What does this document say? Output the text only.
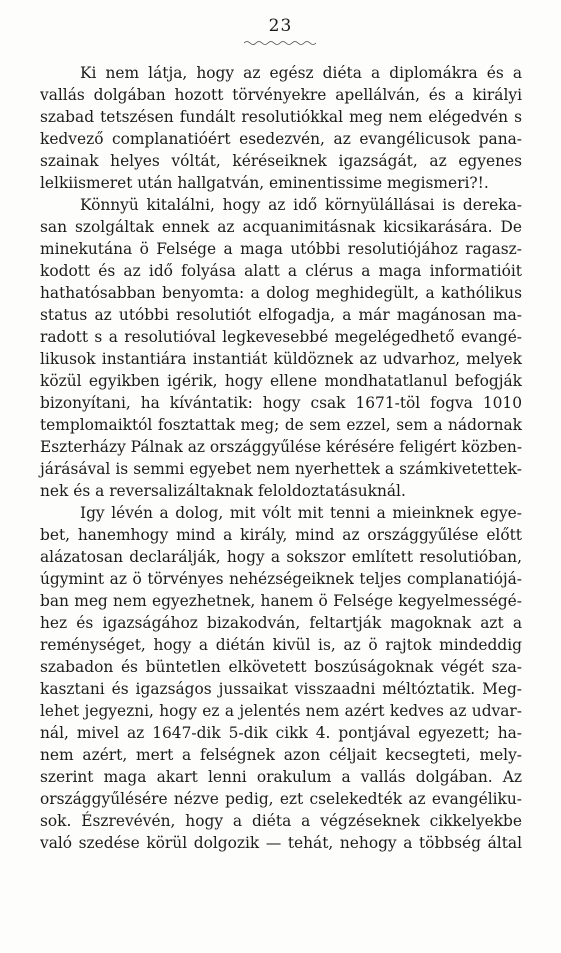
23
Ki nem látja, hogy az egész diéta a diplomákra és a
vallás dolgában hozott törvényekre apellálván, és a királyi
szabad tetszésen fundált resolutiókkal meg nem elégedvén s
kedvező complanatióért esedezvén, az evangélicusok pana-
szainak helyes vóltát, kéréseiknek igazságát, az egyenes
lelkiismeret után hallgatván, eminentissime megismeri?!.
Könnyü kitalálni, hogy az idő környülállásai is dereka-
san szolgáltak ennek az acquanimitásnak kicsikarására. De
minekutána ö Felsége a maga utóbbi resolutiójához ragasz-
kodott és az idő folyása alatt a clérus a maga informatióit
hathatósabban benyomta: a dolog meghidegült, a kathólikus
status az utóbbi resolutiót elfogadja, a már magánosan ma-
radott s a resolutióval legkevesebbé megelégedhető evangé-
likusok instantiára instantiát küldöznek az udvarhoz, melyek
közül egyikben igérik, hogy ellene mondhatatlanul befogják
bizonyítani, ha kívántatik: hogy csak 1671-töl fogva 1010
templomaiktól fosztattak meg; de sem ezzel, sem a nádornak
Eszterházy Pálnak az országgyűlése kérésére feligért közben-
járásával is semmi egyebet nem nyerhettek a számkivetettek-
nek és a reversalizáltaknak feloldoztatásuknál.
Igy lévén a dolog, mit vólt mit tenni a mieinknek egye-
bet, hanemhogy mind a király, mind az országgyűlése előtt
alázatosan declarálják, hogy a sokszor említett resolutióban,
úgymint az ö törvényes nehézségeiknek teljes complanatiójá-
ban meg nem egyezhetnek, hanem ö Felsége kegyelmességé-
hez és igazságához bizakodván, feltartják magoknak azt a
reménységet, hogy a diétán kivül is, az ö rajtok mindeddig
szabadon és büntetlen elkövetett boszúságoknak végét sza-
kasztani és igazságos jussaikat visszaadni méltóztatik. Meg-
lehet jegyezni, hogy ez a jelentés nem azért kedves az udvar-
nál, mivel az 1647-dik 5-dik cikk 4. pontjával egyezett; ha-
nem azért, mert a felségnek azon céljait kecsegteti, mely-
szerint maga akart lenni orakulum a vallás dolgában. Az
országgyűlésére nézve pedig, ezt cselekedték az evangéliku-
sok. Észrevévén, hogy a diéta a végzéseknek cikkelyekbe
való szedése körül dolgozik — tehát, nehogy a többség által
